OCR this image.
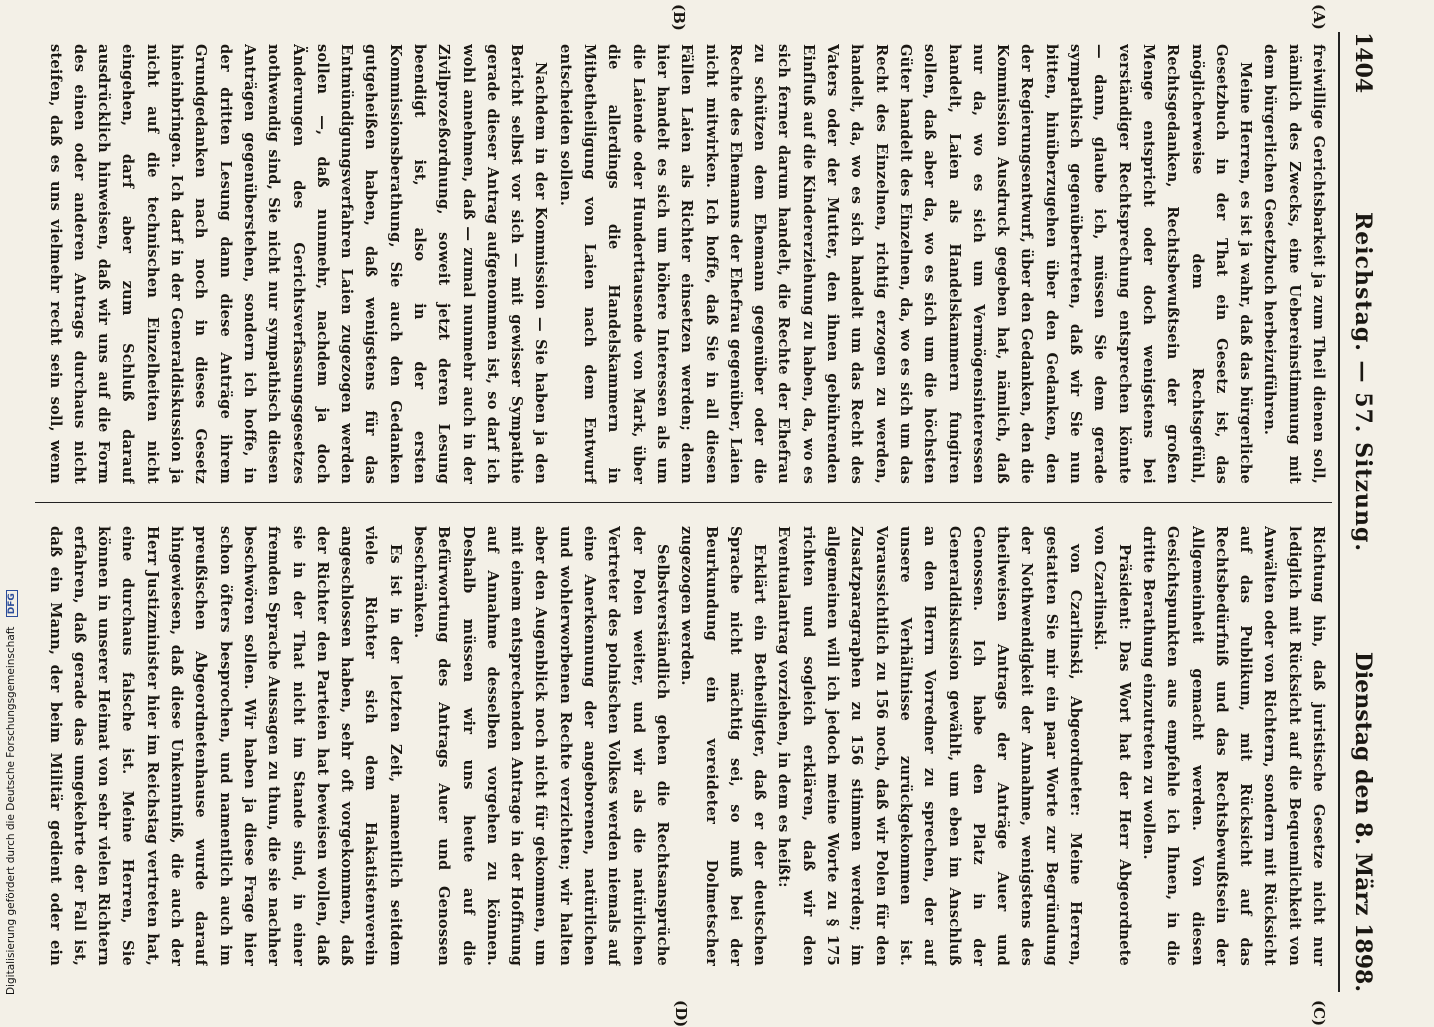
1404
Reichstag. — 57. Sitzung.
Dienstag den 8. März 1898.
(A)
(B)
(C)
(D)

freiwillige Gerichtsbarkeit ja zum Theil dienen soll, nämlich des Zwecks, eine Uebereinstimmung mit dem bürgerlichen Gesetzbuch herbeizuführen.

Meine Herren, es ist ja wahr, daß das bürgerliche Gesetzbuch in der That ein Gesetz ist, das möglicherweise dem Rechtsgefühl, Rechtsgedanken, Rechtsbewußtsein der großen Menge entspricht oder doch wenigstens bei verständiger Rechtsprechung entsprechen könnte — dann, glaube ich, müssen Sie dem gerade sympathisch gegenübertreten, daß wir Sie nun bitten, hinüberzugehen über den Gedanken, den der Regierungsentwurf, über den Gedanken, den die Kommission Ausdruck gegeben hat, nämlich, daß nur da, wo es sich um Vermögensinteressen handelt, Laien als Handelskammern fungiren sollen, daß aber da, wo es sich um die höchsten Güter handelt des Einzelnen, da, wo es sich um das Recht des Einzelnen, richtig erzogen zu werden, handelt, da, wo es sich handelt um das Recht des Vaters oder der Mutter, den ihnen gebührenden Einfluß auf die Kindererziehung zu haben, da, wo es sich ferner darum handelt, die Rechte der Ehefrau zu schützen dem Ehemann gegenüber oder die Rechte des Ehemanns der Ehefrau gegenüber, Laien nicht mitwirken. Ich hoffe, daß Sie in all diesen Fällen Laien als Richter einsetzen werden; denn hier handelt es sich um höhere Interessen als um die Laiende oder Hunderttausende von Mark, über die allerdings die Handelskammern in Mitbetheiligung von Laien nach dem Entwurf entscheiden sollen.

Nachdem in der Kommission — Sie haben ja den Bericht selbst vor sich — mit gewisser Sympathie gerade dieser Antrag aufgenommen ist, so darf ich wohl annehmen, daß — zumal nunmehr auch in der Zivilprozeßordnung, soweit jetzt deren Lesung beendigt ist, also in der ersten Kommissionsberathung, Sie auch den Gedanken gutgeheißen haben, daß wenigstens für das Entmündigungsverfahren Laien zugezogen werden sollen —, daß nunmehr, nachdem ja doch Änderungen des Gerichtsverfassungsgesetzes nothwendig sind, Sie nicht nur sympathisch diesen Anträgen gegenüberstehen, sondern ich hoffe, in der dritten Lesung dann diese Anträge ihrem Grundgedanken nach noch in dieses Gesetz hineinbringen. Ich darf in der Generaldiskussion ja nicht auf die technischen Einzelheiten nicht eingehen, darf aber zum Schluß darauf ausdrücklich hinweisen, daß wir uns auf die Form des einen oder anderen Antrags durchaus nicht steifen, daß es uns vielmehr recht sein soll, wenn

Richtung hin, daß juristische Gesetze nicht nur lediglich mit Rücksicht auf die Bequemlichkeit von Anwälten oder von Richtern, sondern mit Rücksicht auf das Publikum, mit Rücksicht auf das Rechtsbedürfniß und das Rechtsbewußtsein der Allgemeinheit gemacht werden. Von diesen Gesichtspunkten aus empfehle ich Ihnen, in die dritte Berathung einzutreten zu wollen.

Präsident: Das Wort hat der Herr Abgeordnete von Czarlinski.

von Czarlinski, Abgeordneter: Meine Herren, gestatten Sie mir ein paar Worte zur Begründung der Nothwendigkeit der Annahme, wenigstens des theilweisen Antrags der Anträge Auer und Genossen. Ich habe den Platz in der Generaldiskussion gewählt, um eben im Anschluß an den Herrn Vorredner zu sprechen, der auf unsere Verhältnisse zurückgekommen ist. Voraussichtlich zu 156 noch, daß wir Polen für den Zusatzparagraphen zu 156 stimmen werden; im allgemeinen will ich jedoch meine Worte zu § 175 richten und sogleich erklären, daß wir den Eventualantrag vorziehen, in dem es heißt:

Erklärt ein Betheiligter, daß er der deutschen Sprache nicht mächtig sei, so muß bei der Beurkundung ein vereideter Dolmetscher zugezogen werden.

Selbstverständlich gehen die Rechtsansprüche der Polen weiter, und wir als die natürlichen Vertreter des polnischen Volkes werden niemals auf eine Anerkennung der angeborenen, natürlichen und wohlerworbenen Rechte verzichten; wir halten aber den Augenblick noch nicht für gekommen, um mit einem entsprechenden Antrage in der Hoffnung auf Annahme desselben vorgehen zu können. Deshalb müssen wir uns heute auf die Befürwortung des Antrags Auer und Genossen beschränken.

Es ist in der letzten Zeit, namentlich seitdem viele Richter sich dem Hakatistenverein angeschlossen haben, sehr oft vorgekommen, daß der Richter den Parteien hat beweisen wollen, daß sie in der That nicht im Stande sind, in einer fremden Sprache Aussagen zu thun, die sie nachher beschwören sollen. Wir haben ja diese Frage hier schon öfters besprochen, und namentlich auch im preußischen Abgeordnetenhause wurde darauf hingewiesen, daß diese Unkenntniß, die auch der Herr Justizminister hier im Reichstag vertreten hat, eine durchaus falsche ist. Meine Herren, Sie können in unserer Heimat von sehr vielen Richtern erfahren, daß gerade das umgekehrte der Fall ist, daß ein Mann, der beim Militär gedient oder ein

Digitalisierung gefördert durch die Deutsche Forschungsgemeinschaft DFG
